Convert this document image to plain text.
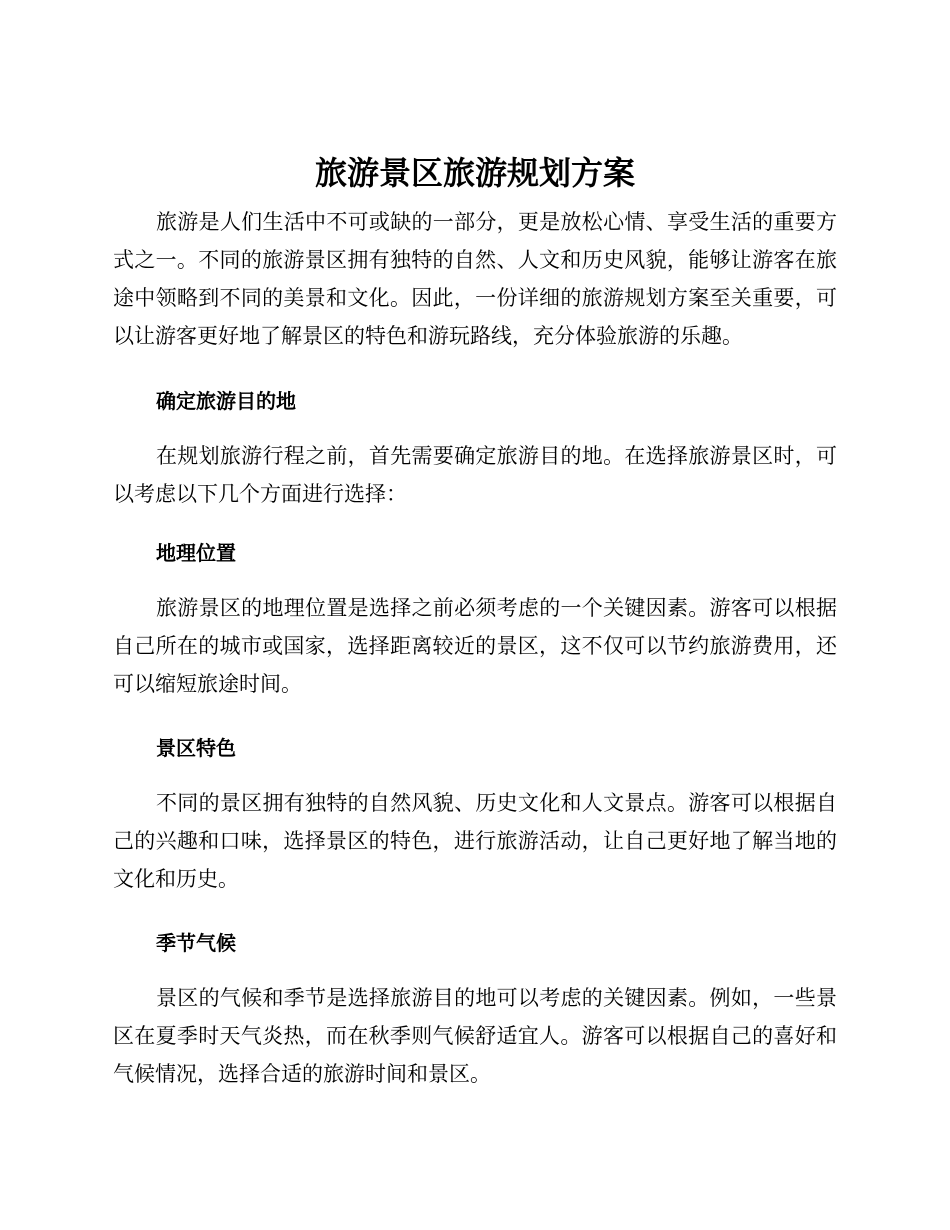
旅游景区旅游规划方案

旅游是人们生活中不可或缺的一部分，更是放松心情、享受生活的重要方式之一。不同的旅游景区拥有独特的自然、人文和历史风貌，能够让游客在旅途中领略到不同的美景和文化。因此，一份详细的旅游规划方案至关重要，可以让游客更好地了解景区的特色和游玩路线，充分体验旅游的乐趣。

确定旅游目的地

在规划旅游行程之前，首先需要确定旅游目的地。在选择旅游景区时，可以考虑以下几个方面进行选择：

地理位置

旅游景区的地理位置是选择之前必须考虑的一个关键因素。游客可以根据自己所在的城市或国家，选择距离较近的景区，这不仅可以节约旅游费用，还可以缩短旅途时间。

景区特色

不同的景区拥有独特的自然风貌、历史文化和人文景点。游客可以根据自己的兴趣和口味，选择景区的特色，进行旅游活动，让自己更好地了解当地的文化和历史。

季节气候

景区的气候和季节是选择旅游目的地可以考虑的关键因素。例如，一些景区在夏季时天气炎热，而在秋季则气候舒适宜人。游客可以根据自己的喜好和气候情况，选择合适的旅游时间和景区。
